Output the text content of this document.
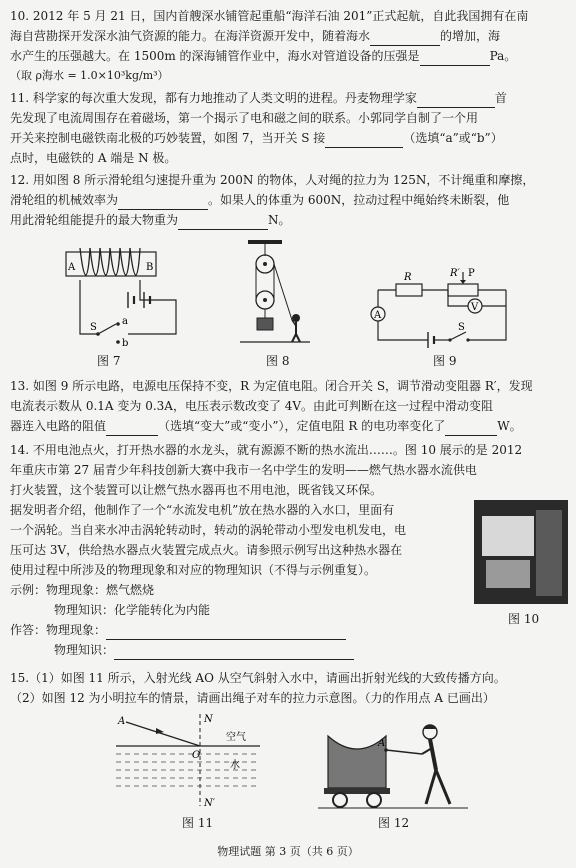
10. 2012 年 5 月 21 日，国内首艘深水铺管起重船“海洋石油 201”正式起航，自此我国拥有在南

海自营勘探开发深水油气资源的能力。在海洋资源开发中，随着海水	的增加，海

水产生的压强越大。在 1500m 的深海铺管作业中，海水对管道设备的压强是	Pa。

（取 ρ海水 = 1.0×10³kg/m³）

11. 科学家的每次重大发现，都有力地推动了人类文明的进程。丹麦物理学家	首

先发现了电流周围存在着磁场，第一个揭示了电和磁之间的联系。小郭同学自制了一个用

开关来控制电磁铁南北极的巧妙装置，如图 7，当开关 S 接	（选填“a”或“b”）

点时，电磁铁的 A 端是 N 极。

12. 用如图 8 所示滑轮组匀速提升重为 200N 的物体，人对绳的拉力为 125N，不计绳重和摩擦，

滑轮组的机械效率为	。如果人的体重为 600N，拉动过程中绳始终未断裂，他

用此滑轮组能提升的最大物重为	N。

A	B
S
a
b
图 7	图 8
R	R′ P
A
V
S
图 9

13. 如图 9 所示电路，电源电压保持不变，R 为定值电阻。闭合开关 S，调节滑动变阻器 R′，发现

电流表示数从 0.1A 变为 0.3A，电压表示数改变了 4V。由此可判断在这一过程中滑动变阻

器连入电路的阻值	（选填“变大”或“变小”），定值电阻 R 的电功率变化了	W。

14. 不用电池点火，打开热水器的水龙头，就有源源不断的热水流出……。图 10 展示的是 2012

年重庆市第 27 届青少年科技创新大赛中我市一名中学生的发明——燃气热水器水流供电

打火装置，这个装置可以让燃气热水器再也不用电池，既省钱又环保。

据发明者介绍，他制作了一个“水流发电机”放在热水器的入水口，里面有

一个涡轮。当自来水冲击涡轮转动时，转动的涡轮带动小型发电机发电，电

压可达 3V，供给热水器点火装置完成点火。请参照示例写出这种热水器在

使用过程中所涉及的物理现象和对应的物理知识（不得与示例重复）。

示例：物理现象：燃气燃烧

物理知识：化学能转化为内能

作答：物理现象：

物理知识：

图 10

15.（1）如图 11 所示，入射光线 AO 从空气斜射入水中，请画出折射光线的大致传播方向。

（2）如图 12 为小明拉车的情景，请画出绳子对车的拉力示意图。（力的作用点 A 已画出）

A	N
N′
O
空气
水
图 11
A
图 12
物理试题 第 3 页（共 6 页）
